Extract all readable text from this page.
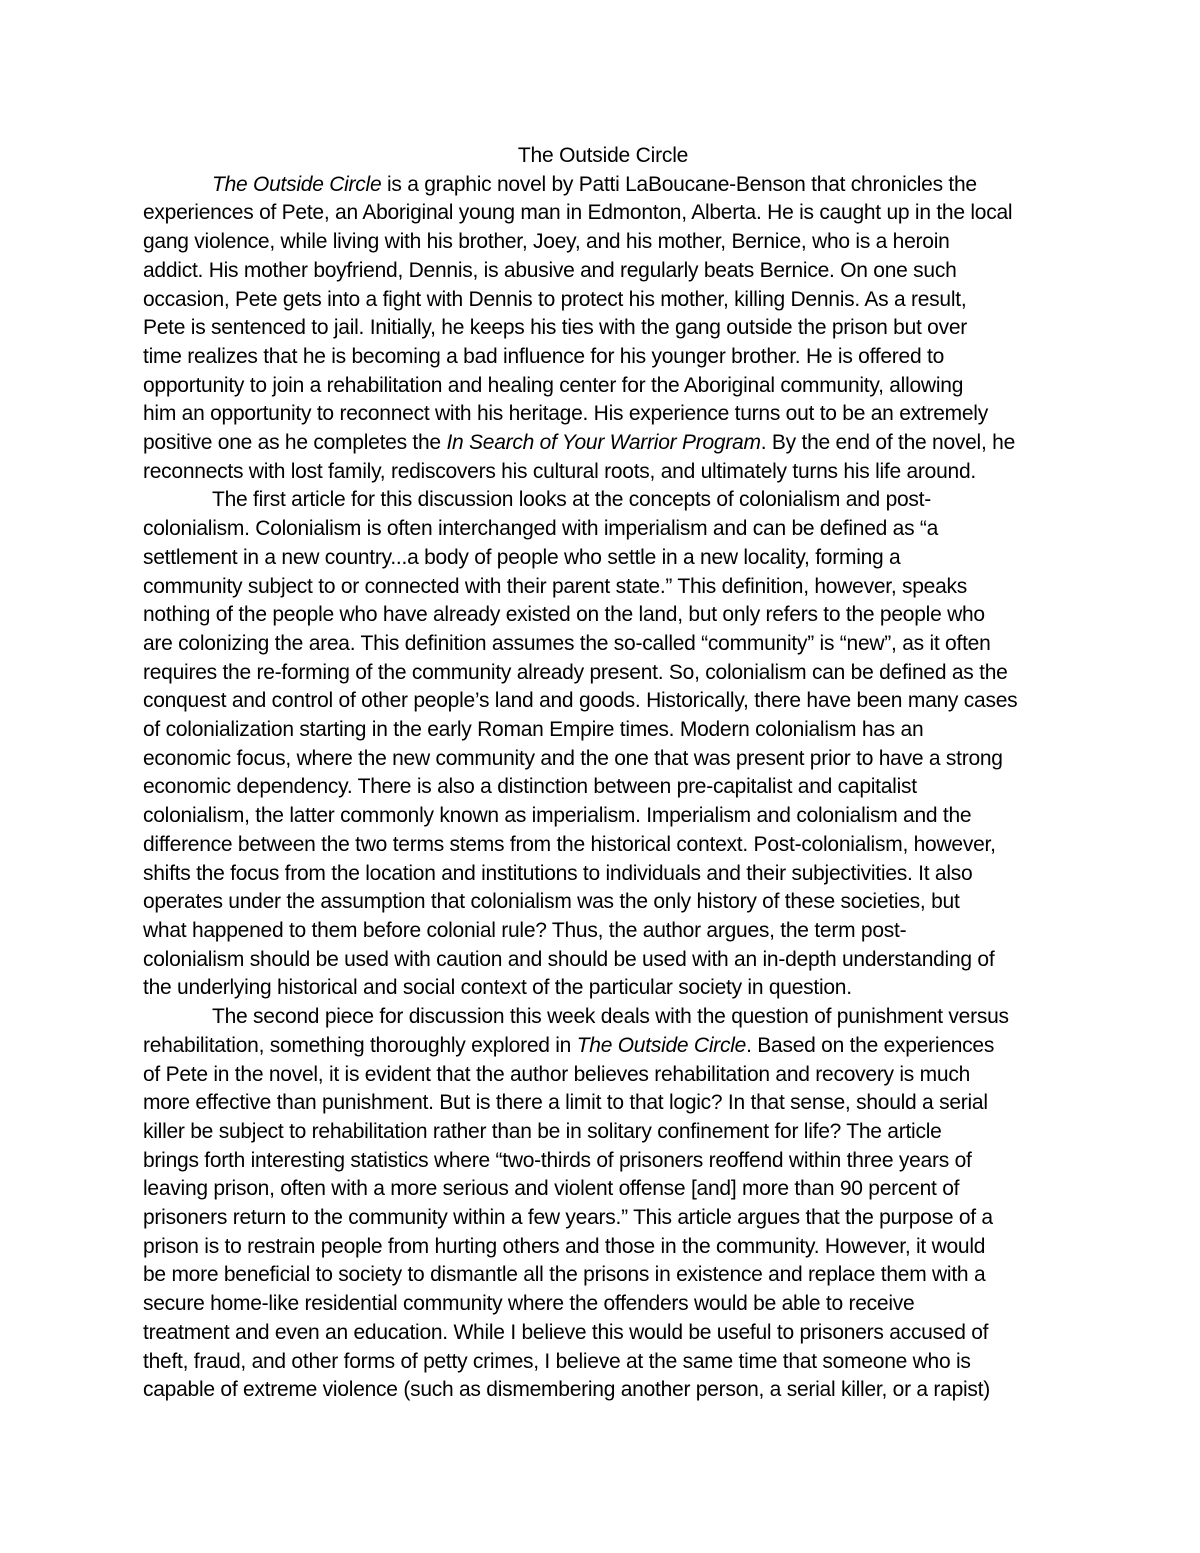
The Outside Circle
The Outside Circle is a graphic novel by Patti LaBoucane-Benson that chronicles the
experiences of Pete, an Aboriginal young man in Edmonton, Alberta. He is caught up in the local
gang violence, while living with his brother, Joey, and his mother, Bernice, who is a heroin
addict. His mother boyfriend, Dennis, is abusive and regularly beats Bernice. On one such
occasion, Pete gets into a fight with Dennis to protect his mother, killing Dennis. As a result,
Pete is sentenced to jail. Initially, he keeps his ties with the gang outside the prison but over
time realizes that he is becoming a bad influence for his younger brother. He is offered to
opportunity to join a rehabilitation and healing center for the Aboriginal community, allowing
him an opportunity to reconnect with his heritage. His experience turns out to be an extremely
positive one as he completes the In Search of Your Warrior Program. By the end of the novel, he
reconnects with lost family, rediscovers his cultural roots, and ultimately turns his life around.
The first article for this discussion looks at the concepts of colonialism and post-
colonialism. Colonialism is often interchanged with imperialism and can be defined as “a
settlement in a new country...a body of people who settle in a new locality, forming a
community subject to or connected with their parent state.” This definition, however, speaks
nothing of the people who have already existed on the land, but only refers to the people who
are colonizing the area. This definition assumes the so-called “community” is “new”, as it often
requires the re-forming of the community already present. So, colonialism can be defined as the
conquest and control of other people’s land and goods. Historically, there have been many cases
of colonialization starting in the early Roman Empire times. Modern colonialism has an
economic focus, where the new community and the one that was present prior to have a strong
economic dependency. There is also a distinction between pre-capitalist and capitalist
colonialism, the latter commonly known as imperialism. Imperialism and colonialism and the
difference between the two terms stems from the historical context. Post-colonialism, however,
shifts the focus from the location and institutions to individuals and their subjectivities. It also
operates under the assumption that colonialism was the only history of these societies, but
what happened to them before colonial rule? Thus, the author argues, the term post-
colonialism should be used with caution and should be used with an in-depth understanding of
the underlying historical and social context of the particular society in question.
The second piece for discussion this week deals with the question of punishment versus
rehabilitation, something thoroughly explored in The Outside Circle. Based on the experiences
of Pete in the novel, it is evident that the author believes rehabilitation and recovery is much
more effective than punishment. But is there a limit to that logic? In that sense, should a serial
killer be subject to rehabilitation rather than be in solitary confinement for life? The article
brings forth interesting statistics where “two-thirds of prisoners reoffend within three years of
leaving prison, often with a more serious and violent offense [and] more than 90 percent of
prisoners return to the community within a few years.” This article argues that the purpose of a
prison is to restrain people from hurting others and those in the community. However, it would
be more beneficial to society to dismantle all the prisons in existence and replace them with a
secure home-like residential community where the offenders would be able to receive
treatment and even an education. While I believe this would be useful to prisoners accused of
theft, fraud, and other forms of petty crimes, I believe at the same time that someone who is
capable of extreme violence (such as dismembering another person, a serial killer, or a rapist)
